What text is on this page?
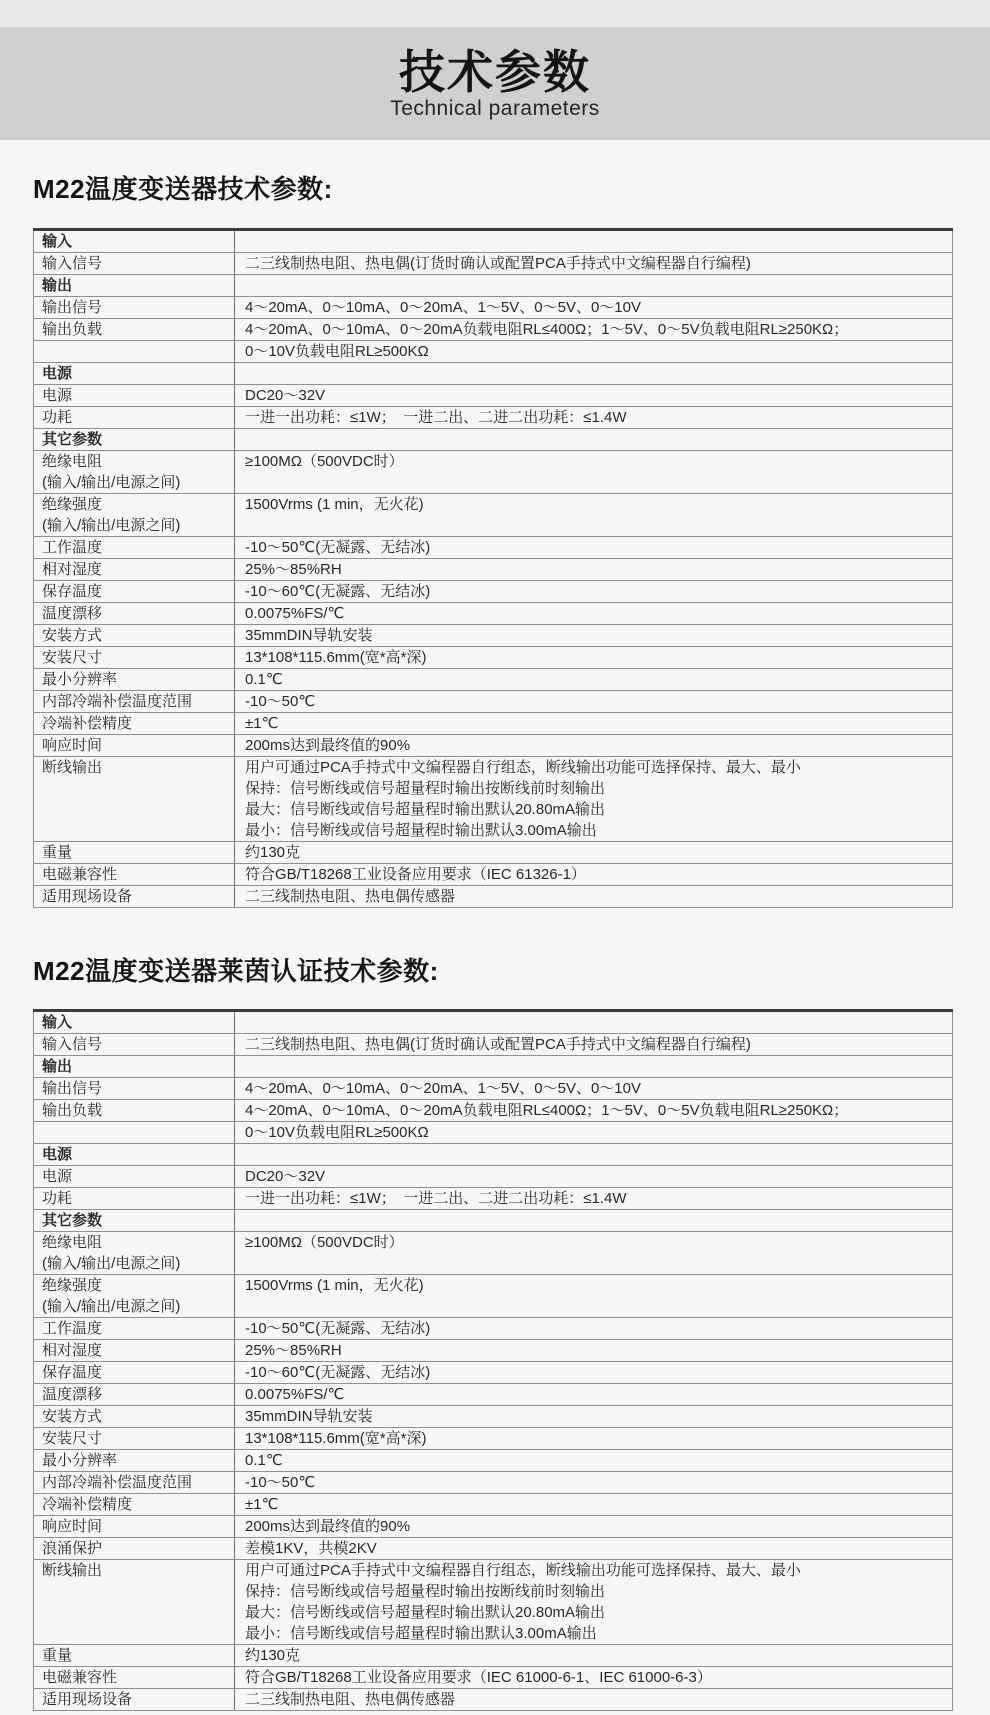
技术参数
Technical parameters
M22温度变送器技术参数:
输入	

输入信号	二三线制热电阻、热电偶(订货时确认或配置PCA手持式中文编程器自行编程)

输出	

输出信号	4～20mA、0～10mA、0～20mA、1～5V、0～5V、0～10V

输出负载	4～20mA、0～10mA、0～20mA负载电阻RL≤400Ω；1～5V、0～5V负载电阻RL≥250KΩ；

	0～10V负载电阻RL≥500KΩ

电源	

电源	DC20～32V

功耗	一进一出功耗：≤1W；　一进二出、二进二出功耗：≤1.4W

其它参数	

绝缘电阻
(输入/输出/电源之间)	≥100MΩ（500VDC时）

绝缘强度
(输入/输出/电源之间)	1500Vrms (1 min，无火花)

工作温度	-10～50℃(无凝露、无结冰)

相对湿度	25%～85%RH

保存温度	-10～60℃(无凝露、无结冰)

温度漂移	0.0075%FS/℃

安装方式	35mmDIN导轨安装

安装尺寸	13*108*115.6mm(宽*高*深)

最小分辨率	0.1℃

内部冷端补偿温度范围	-10～50℃

冷端补偿精度	±1℃

响应时间	200ms达到最终值的90%

断线输出	用户可通过PCA手持式中文编程器自行组态，断线输出功能可选择保持、最大、最小
保持：信号断线或信号超量程时输出按断线前时刻输出
最大：信号断线或信号超量程时输出默认20.80mA输出
最小：信号断线或信号超量程时输出默认3.00mA输出

重量	约130克

电磁兼容性	符合GB/T18268工业设备应用要求（IEC 61326-1）

适用现场设备	二三线制热电阻、热电偶传感器
M22温度变送器莱茵认证技术参数:
输入	

输入信号	二三线制热电阻、热电偶(订货时确认或配置PCA手持式中文编程器自行编程)

输出	

输出信号	4～20mA、0～10mA、0～20mA、1～5V、0～5V、0～10V

输出负载	4～20mA、0～10mA、0～20mA负载电阻RL≤400Ω；1～5V、0～5V负载电阻RL≥250KΩ；

	0～10V负载电阻RL≥500KΩ

电源	

电源	DC20～32V

功耗	一进一出功耗：≤1W；　一进二出、二进二出功耗：≤1.4W

其它参数	

绝缘电阻
(输入/输出/电源之间)	≥100MΩ（500VDC时）

绝缘强度
(输入/输出/电源之间)	1500Vrms (1 min，无火花)

工作温度	-10～50℃(无凝露、无结冰)

相对湿度	25%～85%RH

保存温度	-10～60℃(无凝露、无结冰)

温度漂移	0.0075%FS/℃

安装方式	35mmDIN导轨安装

安装尺寸	13*108*115.6mm(宽*高*深)

最小分辨率	0.1℃

内部冷端补偿温度范围	-10～50℃

冷端补偿精度	±1℃

响应时间	200ms达到最终值的90%

浪涌保护	差模1KV，共模2KV

断线输出	用户可通过PCA手持式中文编程器自行组态，断线输出功能可选择保持、最大、最小
保持：信号断线或信号超量程时输出按断线前时刻输出
最大：信号断线或信号超量程时输出默认20.80mA输出
最小：信号断线或信号超量程时输出默认3.00mA输出

重量	约130克

电磁兼容性	符合GB/T18268工业设备应用要求（IEC 61000-6-1、IEC 61000-6-3）

适用现场设备	二三线制热电阻、热电偶传感器
